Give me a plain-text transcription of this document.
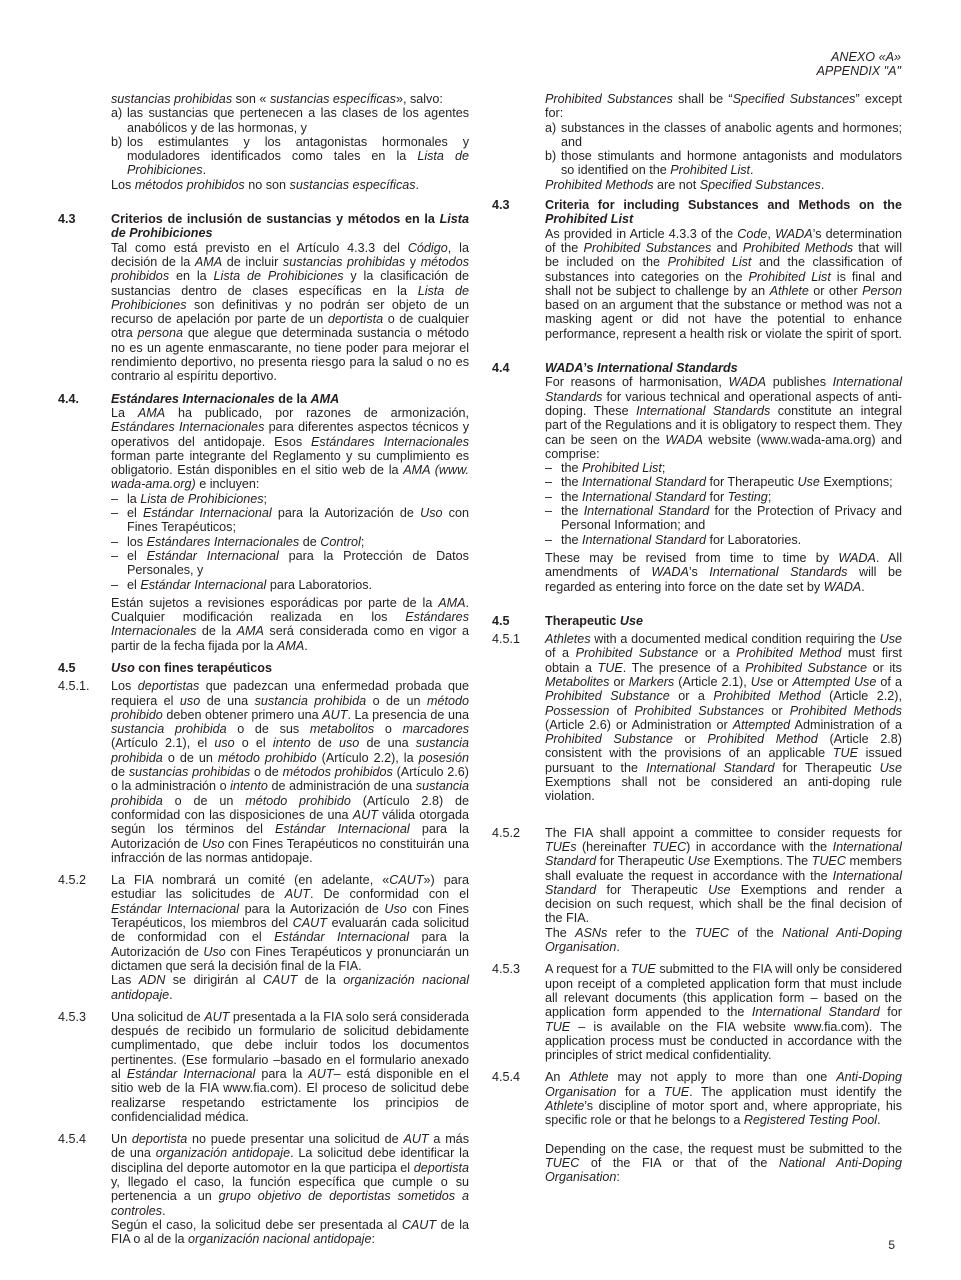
ANEXO «A»
APPENDIX "A"

sustancias prohibidas son « sustancias específicas», salvo:

a) las sustancias que pertenecen a las clases de los agentes anabólicos y de las hormonas, y
b) los estimulantes y los antagonistas hormonales y moduladores identificados como tales en la Lista de Prohibiciones.

Los métodos prohibidos no son sustancias específicas.

4.3	Criterios de inclusión de sustancias y métodos en la Lista de Prohibiciones

Tal como está previsto en el Artículo 4.3.3 del Código, la decisión de la AMA de incluir sustancias prohibidas y métodos prohibidos en la Lista de Prohibiciones y la clasificación de sustancias dentro de clases específicas en la Lista de Prohibiciones son definitivas y no podrán ser objeto de un recurso de apelación por parte de un deportista o de cualquier otra persona que alegue que determinada sustancia o método no es un agente enmascarante, no tiene poder para mejorar el rendimiento deportivo, no presenta riesgo para la salud o no es contrario al espíritu deportivo.

4.4.	Estándares Internacionales de la AMA

La AMA ha publicado, por razones de armonización, Estándares Internacionales para diferentes aspectos técnicos y operativos del antidopaje. Esos Estándares Internacionales forman parte integrante del Reglamento y su cumplimiento es obligatorio. Están disponibles en el sitio web de la AMA (www. wada-ama.org) e incluyen:

– la Lista de Prohibiciones;
– el Estándar Internacional para la Autorización de Uso con Fines Terapéuticos;
– los Estándares Internacionales de Control;
– el Estándar Internacional para la Protección de Datos Personales, y
– el Estándar Internacional para Laboratorios.

Están sujetos a revisiones esporádicas por parte de la AMA. Cualquier modificación realizada en los Estándares Internacionales de la AMA será considerada como en vigor a partir de la fecha fijada por la AMA.

4.5	Uso con fines terapéuticos

4.5.1. Los deportistas que padezcan una enfermedad probada que requiera el uso de una sustancia prohibida o de un método prohibido deben obtener primero una AUT. La presencia de una sustancia prohibida o de sus metabolitos o marcadores (Artículo 2.1), el uso o el intento de uso de una sustancia prohibida o de un método prohibido (Artículo 2.2), la posesión de sustancias prohibidas o de métodos prohibidos (Artículo 2.6) o la administración o intento de administración de una sustancia prohibida o de un método prohibido (Artículo 2.8) de conformidad con las disposiciones de una AUT válida otorgada según los términos del Estándar Internacional para la Autorización de Uso con Fines Terapéuticos no constituirán una infracción de las normas antidopaje.

4.5.2 La FIA nombrará un comité (en adelante, «CAUT») para estudiar las solicitudes de AUT. De conformidad con el Estándar Internacional para la Autorización de Uso con Fines Terapéuticos, los miembros del CAUT evaluarán cada solicitud de conformidad con el Estándar Internacional para la Autorización de Uso con Fines Terapéuticos y pronunciarán un dictamen que será la decisión final de la FIA.

Las ADN se dirigirán al CAUT de la organización nacional antidopaje.

4.5.3 Una solicitud de AUT presentada a la FIA solo será considerada después de recibido un formulario de solicitud debidamente cumplimentado, que debe incluir todos los documentos pertinentes. (Ese formulario –basado en el formulario anexado al Estándar Internacional para la AUT– está disponible en el sitio web de la FIA www.fia.com). El proceso de solicitud debe realizarse respetando estrictamente los principios de confidencialidad médica.

4.5.4 Un deportista no puede presentar una solicitud de AUT a más de una organización antidopaje. La solicitud debe identificar la disciplina del deporte automotor en la que participa el deportista y, llegado el caso, la función específica que cumple o su pertenencia a un grupo objetivo de deportistas sometidos a controles.

Según el caso, la solicitud debe ser presentada al CAUT de la FIA o al de la organización nacional antidopaje:

Prohibited Substances shall be “Specified Substances” except for:

a) substances in the classes of anabolic agents and hormones; and
b) those stimulants and hormone antagonists and modulators so identified on the Prohibited List.

Prohibited Methods are not Specified Substances.

4.3	Criteria for including Substances and Methods on the Prohibited List

As provided in Article 4.3.3 of the Code, WADA’s determination of the Prohibited Substances and Prohibited Methods that will be included on the Prohibited List and the classification of substances into categories on the Prohibited List is final and shall not be subject to challenge by an Athlete or other Person based on an argument that the substance or method was not a masking agent or did not have the potential to enhance performance, represent a health risk or violate the spirit of sport.

4.4	WADA’s International Standards

For reasons of harmonisation, WADA publishes International Standards for various technical and operational aspects of anti-doping. These International Standards constitute an integral part of the Regulations and it is obligatory to respect them. They can be seen on the WADA website (www.wada-ama.org) and comprise:

– the Prohibited List;
– the International Standard for Therapeutic Use Exemptions;
– the International Standard for Testing;
– the International Standard for the Protection of Privacy and Personal Information; and
– the International Standard for Laboratories.

These may be revised from time to time by WADA. All amendments of WADA’s International Standards will be regarded as entering into force on the date set by WADA.

4.5	Therapeutic Use

4.5.1 Athletes with a documented medical condition requiring the Use of a Prohibited Substance or a Prohibited Method must first obtain a TUE. The presence of a Prohibited Substance or its Metabolites or Markers (Article 2.1), Use or Attempted Use of a Prohibited Substance or a Prohibited Method (Article 2.2), Possession of Prohibited Substances or Prohibited Methods (Article 2.6) or Administration or Attempted Administration of a Prohibited Substance or Prohibited Method (Article 2.8) consistent with the provisions of an applicable TUE issued pursuant to the International Standard for Therapeutic Use Exemptions shall not be considered an anti-doping rule violation.

4.5.2 The FIA shall appoint a committee to consider requests for TUEs (hereinafter TUEC) in accordance with the International Standard for Therapeutic Use Exemptions. The TUEC members shall evaluate the request in accordance with the International Standard for Therapeutic Use Exemptions and render a decision on such request, which shall be the final decision of the FIA.

The ASNs refer to the TUEC of the National Anti-Doping Organisation.

4.5.3 A request for a TUE submitted to the FIA will only be considered upon receipt of a completed application form that must include all relevant documents (this application form – based on the application form appended to the International Standard for TUE – is available on the FIA website www.fia.com). The application process must be conducted in accordance with the principles of strict medical confidentiality.

4.5.4 An Athlete may not apply to more than one Anti-Doping Organisation for a TUE. The application must identify the Athlete’s discipline of motor sport and, where appropriate, his specific role or that he belongs to a Registered Testing Pool.

Depending on the case, the request must be submitted to the TUEC of the FIA or that of the National Anti-Doping Organisation:

5
